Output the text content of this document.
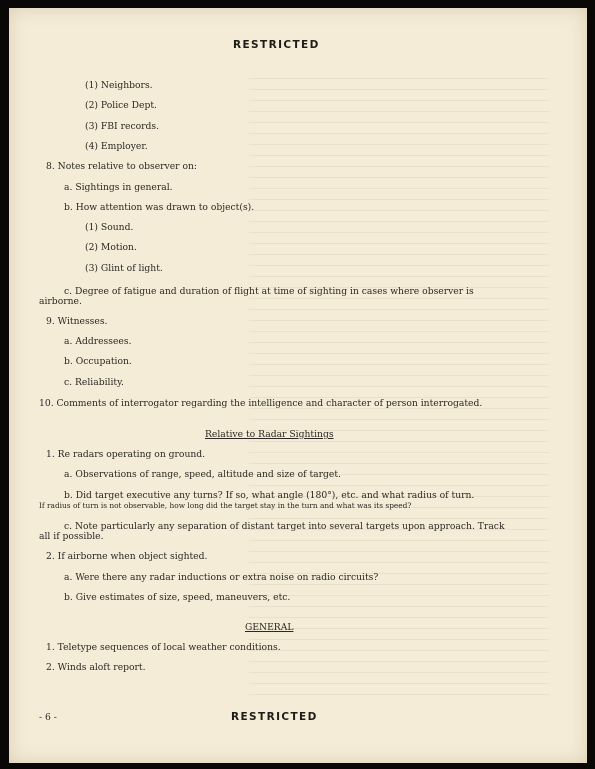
RESTRICTED
(1) Neighbors.
(2) Police Dept.
(3) FBI records.
(4) Employer.
8. Notes relative to observer on:
a. Sightings in general.
b. How attention was drawn to object(s).
(1) Sound.
(2) Motion.
(3) Glint of light.
c. Degree of fatigue and duration of flight at time of sighting in cases where observer is
airborne.
9. Witnesses.
a. Addressees.
b. Occupation.
c. Reliability.
10. Comments of interrogator regarding the intelligence and character of person interrogated.
Relative to Radar Sightings
1. Re radars operating on ground.
a. Observations of range, speed, altitude and size of target.
b. Did target executive any turns? If so, what angle (180°), etc. and what radius of turn.
If radius of turn is not observable, how long did the target stay in the turn and what was its speed?
c. Note particularly any separation of distant target into several targets upon approach. Track
all if possible.
2. If airborne when object sighted.
a. Were there any radar inductions or extra noise on radio circuits?
b. Give estimates of size, speed, maneuvers, etc.
GENERAL
1. Teletype sequences of local weather conditions.
2. Winds aloft report.
- 6 -	RESTRICTED
